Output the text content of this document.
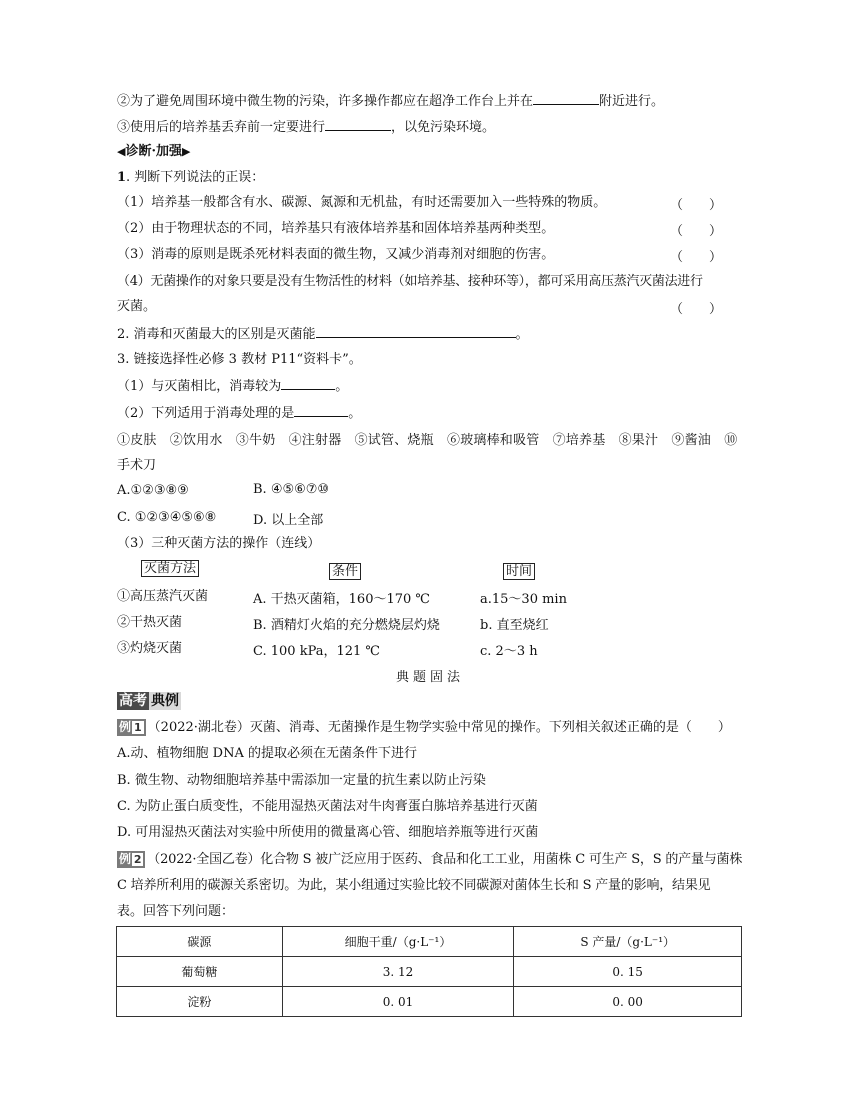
②为了避免周围环境中微生物的污染，许多操作都应在超净工作台上并在	附近进行。
③使用后的培养基丢弃前一定要进行	，以免污染环境。
◀诊断·加强▶
1. 判断下列说法的正误：
（1）培养基一般都含有水、碳源、氮源和无机盐，有时还需要加入一些特殊的物质。	（　　）
（2）由于物理状态的不同，培养基只有液体培养基和固体培养基两种类型。	（　　）
（3）消毒的原则是既杀死材料表面的微生物，又减少消毒剂对细胞的伤害。	（　　）
（4）无菌操作的对象只要是没有生物活性的材料（如培养基、接种环等），都可采用高压蒸汽灭菌法进行
灭菌。	（　　）
2. 消毒和灭菌最大的区别是灭菌能	。
3. 链接选择性必修 3 教材 P11“资料卡”。
（1）与灭菌相比，消毒较为	。
（2）下列适用于消毒处理的是	。
①皮肤　②饮用水　③牛奶　④注射器　⑤试管、烧瓶　⑥玻璃棒和吸管　⑦培养基　⑧果汁　⑨酱油　⑩
手术刀
A.①②③⑧⑨	B. ④⑤⑥⑦⑩
C. ①②③④⑤⑥⑧	D. 以上全部
（3）三种灭菌方法的操作（连线）
灭菌方法	条件	时间
①高压蒸汽灭菌	A. 干热灭菌箱，160～170 ℃	a.15～30 min
②干热灭菌	B. 酒精灯火焰的充分燃烧层灼烧	b. 直至烧红
③灼烧灭菌	C. 100 kPa，121 ℃	c. 2～3 h
典题固法
高考 典例
例 1 （2022·湖北卷）灭菌、消毒、无菌操作是生物学实验中常见的操作。下列相关叙述正确的是（　　）
A.动、植物细胞 DNA 的提取必须在无菌条件下进行
B. 微生物、动物细胞培养基中需添加一定量的抗生素以防止污染
C. 为防止蛋白质变性，不能用湿热灭菌法对牛肉膏蛋白胨培养基进行灭菌
D. 可用湿热灭菌法对实验中所使用的微量离心管、细胞培养瓶等进行灭菌
例 2 （2022·全国乙卷）化合物 S 被广泛应用于医药、食品和化工工业，用菌株 C 可生产 S，S 的产量与菌株
C 培养所利用的碳源关系密切。为此，某小组通过实验比较不同碳源对菌体生长和 S 产量的影响，结果见
表。回答下列问题：
碳源	细胞干重/（g·L⁻¹）	S 产量/（g·L⁻¹）
葡萄糖	3. 12	0. 15
淀粉	0. 01	0. 00
